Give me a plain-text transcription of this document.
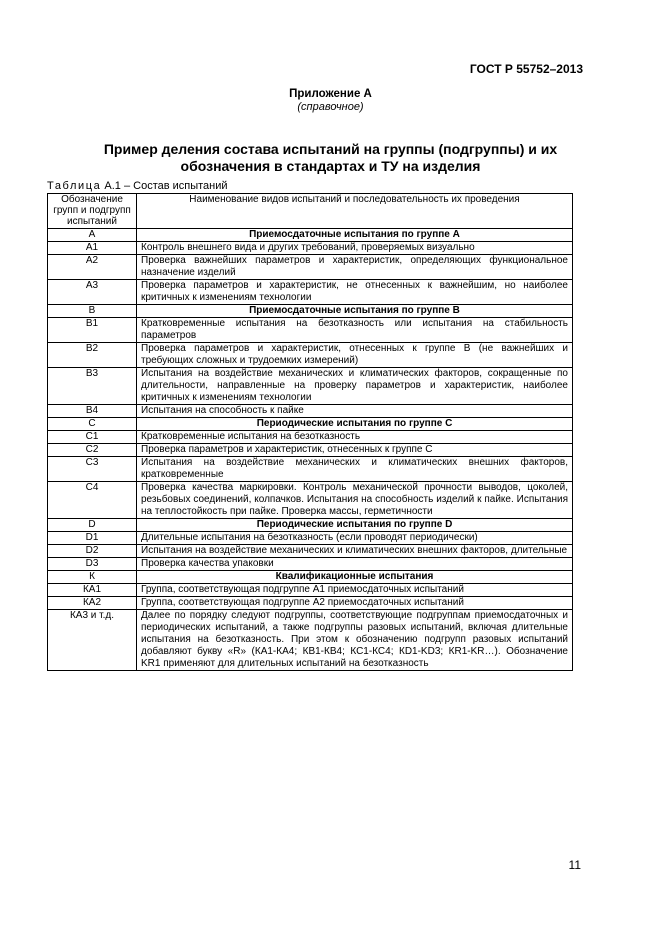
ГОСТ Р 55752–2013
Приложение А
(справочное)
Пример деления состава испытаний на группы (подгруппы) и их обозначения в стандартах и ТУ на изделия
Таблица А.1 – Состав испытаний
Обозначение групп и подгрупп испытаний	Наименование видов испытаний и последовательность их проведения
А	Приемосдаточные испытания по группе А
А1	Контроль внешнего вида и других требований, проверяемых визуально
А2	Проверка важнейших параметров и характеристик, определяющих функциональное назначение изделий
А3	Проверка параметров и характеристик, не отнесенных к важнейшим, но наиболее критичных к изменениям технологии
В	Приемосдаточные испытания по группе В
В1	Кратковременные испытания на безотказность или испытания на стабильность параметров
В2	Проверка параметров и характеристик, отнесенных к группе В (не важнейших и требующих сложных и трудоемких измерений)
В3	Испытания на воздействие механических и климатических факторов, сокращенные по длительности, направленные на проверку параметров и характеристик, наиболее критичных к изменениям технологии
В4	Испытания на способность к пайке
С	Периодические испытания по группе С
С1	Кратковременные испытания на безотказность
С2	Проверка параметров и характеристик, отнесенных к группе С
С3	Испытания на воздействие механических и климатических внешних факторов, кратковременные
С4	Проверка качества маркировки. Контроль механической прочности выводов, цоколей, резьбовых соединений, колпачков. Испытания на способность изделий к пайке. Испытания на теплостойкость при пайке. Проверка массы, герметичности
D	Периодические испытания по группе D
D1	Длительные испытания на безотказность (если проводят периодически)
D2	Испытания на воздействие механических и климатических внешних факторов, длительные
D3	Проверка качества упаковки
К	Квалификационные испытания
КА1	Группа, соответствующая подгруппе А1 приемосдаточных испытаний
КА2	Группа, соответствующая подгруппе А2 приемосдаточных испытаний
КА3 и т.д.	Далее по порядку следуют подгруппы, соответствующие подгруппам приемосдаточных и периодических испытаний, а также подгруппы разовых испытаний, включая длительные испытания на безотказность. При этом к обозначению подгрупп разовых испытаний добавляют букву «R» (КА1-КА4; КВ1-КВ4; КС1-КС4; КD1-KD3; КR1-KR…). Обозначение KR1 применяют для длительных испытаний на безотказность
11
